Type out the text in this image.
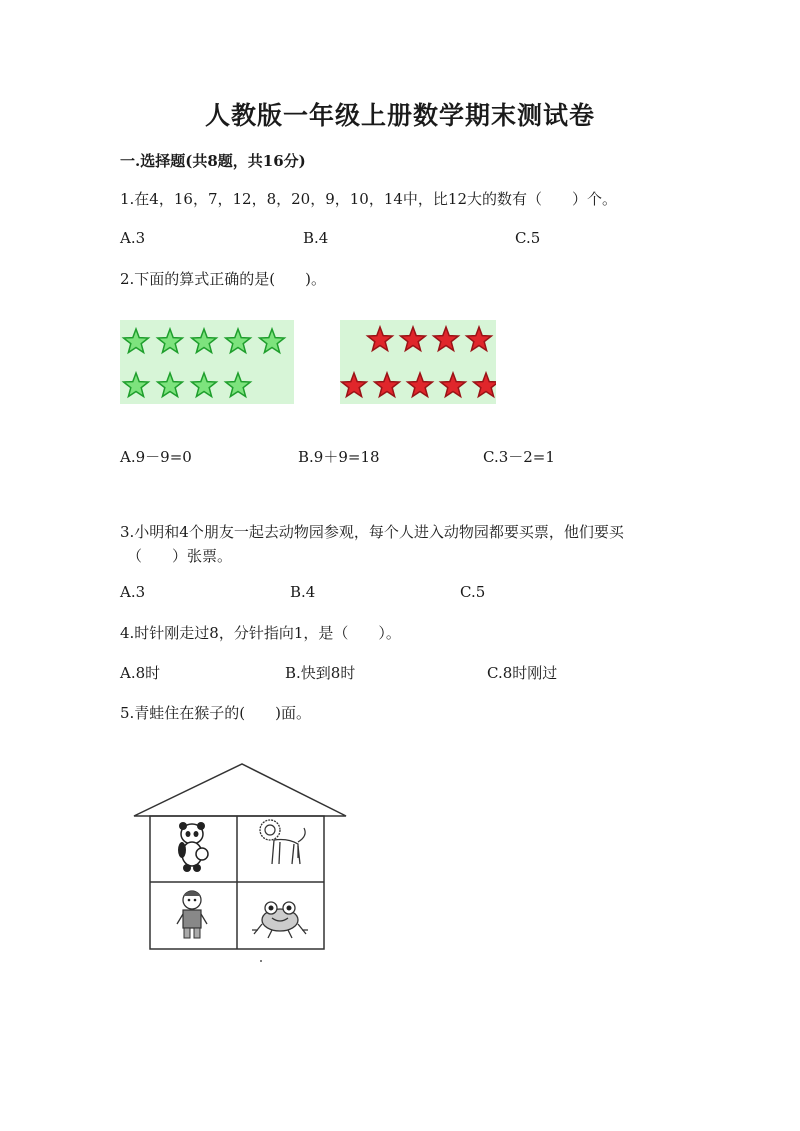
人教版一年级上册数学期末测试卷
一.选择题(共8题，共16分)
1.在4，16，7，12，8，20，9，10，14中，比12大的数有（　　）个。
A.3	B.4	C.5
2.下面的算式正确的是(　　)。
A.9－9=0	B.9＋9=18	C.3－2=1
3.小明和4个朋友一起去动物园参观，每个人进入动物园都要买票，他们要买
（　　）张票。
A.3	B.4	C.5
4.时针刚走过8，分针指向1，是（　　）。
A.8时	B.快到8时	C.8时刚过
5.青蛙住在猴子的(　　)面。
